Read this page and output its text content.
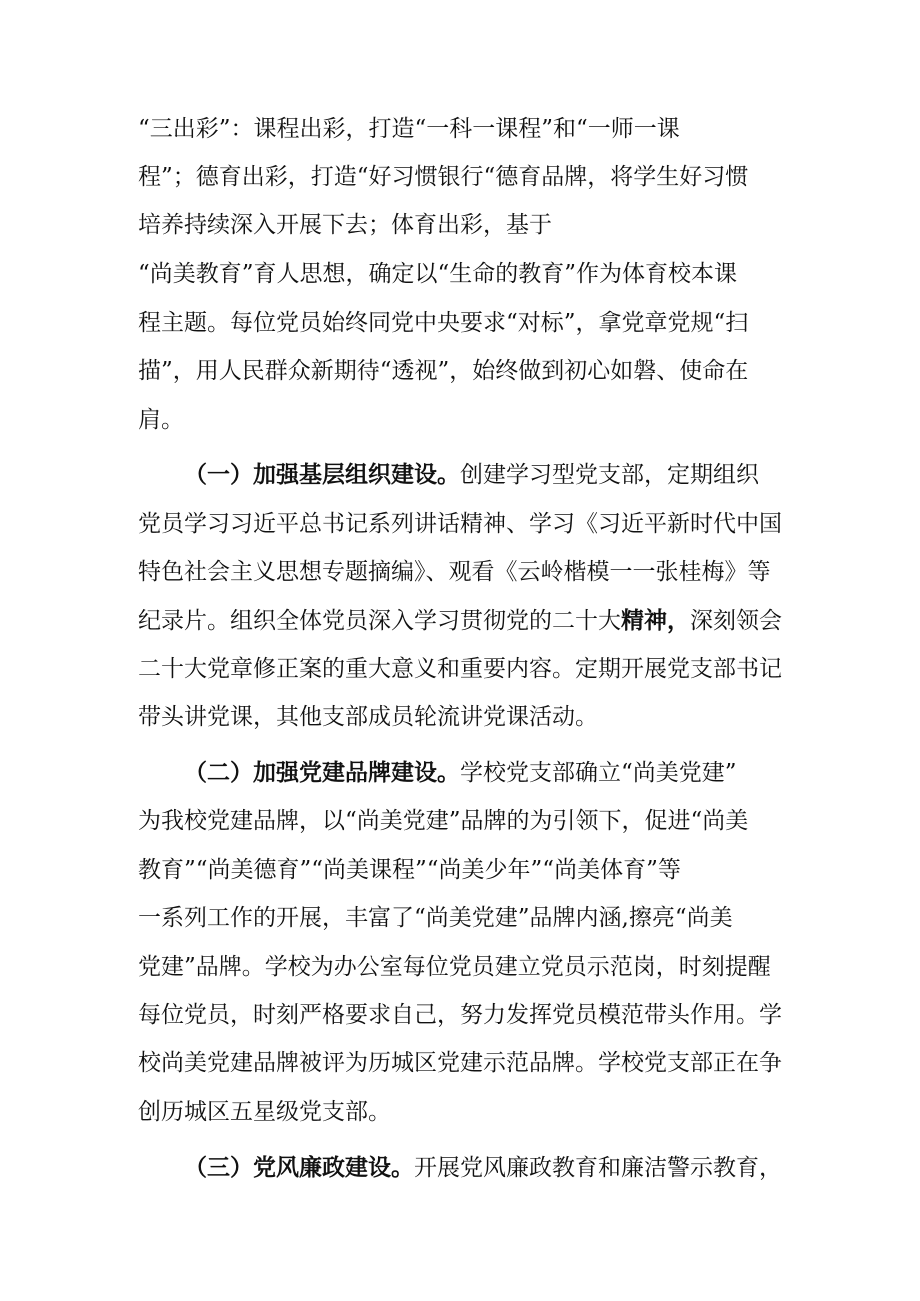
“三出彩”：课程出彩，打造“一科一课程”和“一师一课
程”；德育出彩，打造“好习惯银行“德育品牌，将学生好习惯
培养持续深入开展下去；体育出彩，基于
“尚美教育”育人思想，确定以“生命的教育”作为体育校本课
程主题。每位党员始终同党中央要求“对标”，拿党章党规“扫
描”，用人民群众新期待“透视”，始终做到初心如磐、使命在
肩。
（一）加强基层组织建设。创建学习型党支部，定期组织
党员学习习近平总书记系列讲话精神、学习《习近平新时代中国
特色社会主义思想专题摘编》、观看《云岭楷模一一张桂梅》等
纪录片。组织全体党员深入学习贯彻党的二十大精神，深刻领会
二十大党章修正案的重大意义和重要内容。定期开展党支部书记
带头讲党课，其他支部成员轮流讲党课活动。
（二）加强党建品牌建设。学校党支部确立“尚美党建”
为我校党建品牌，以“尚美党建”品牌的为引领下，促进“尚美
教育”“尚美德育”“尚美课程”“尚美少年”“尚美体育”等
一系列工作的开展，丰富了“尚美党建”品牌内涵,擦亮“尚美
党建”品牌。学校为办公室每位党员建立党员示范岗，时刻提醒
每位党员，时刻严格要求自己，努力发挥党员模范带头作用。学
校尚美党建品牌被评为历城区党建示范品牌。学校党支部正在争
创历城区五星级党支部。
（三）党风廉政建设。开展党风廉政教育和廉洁警示教育，
